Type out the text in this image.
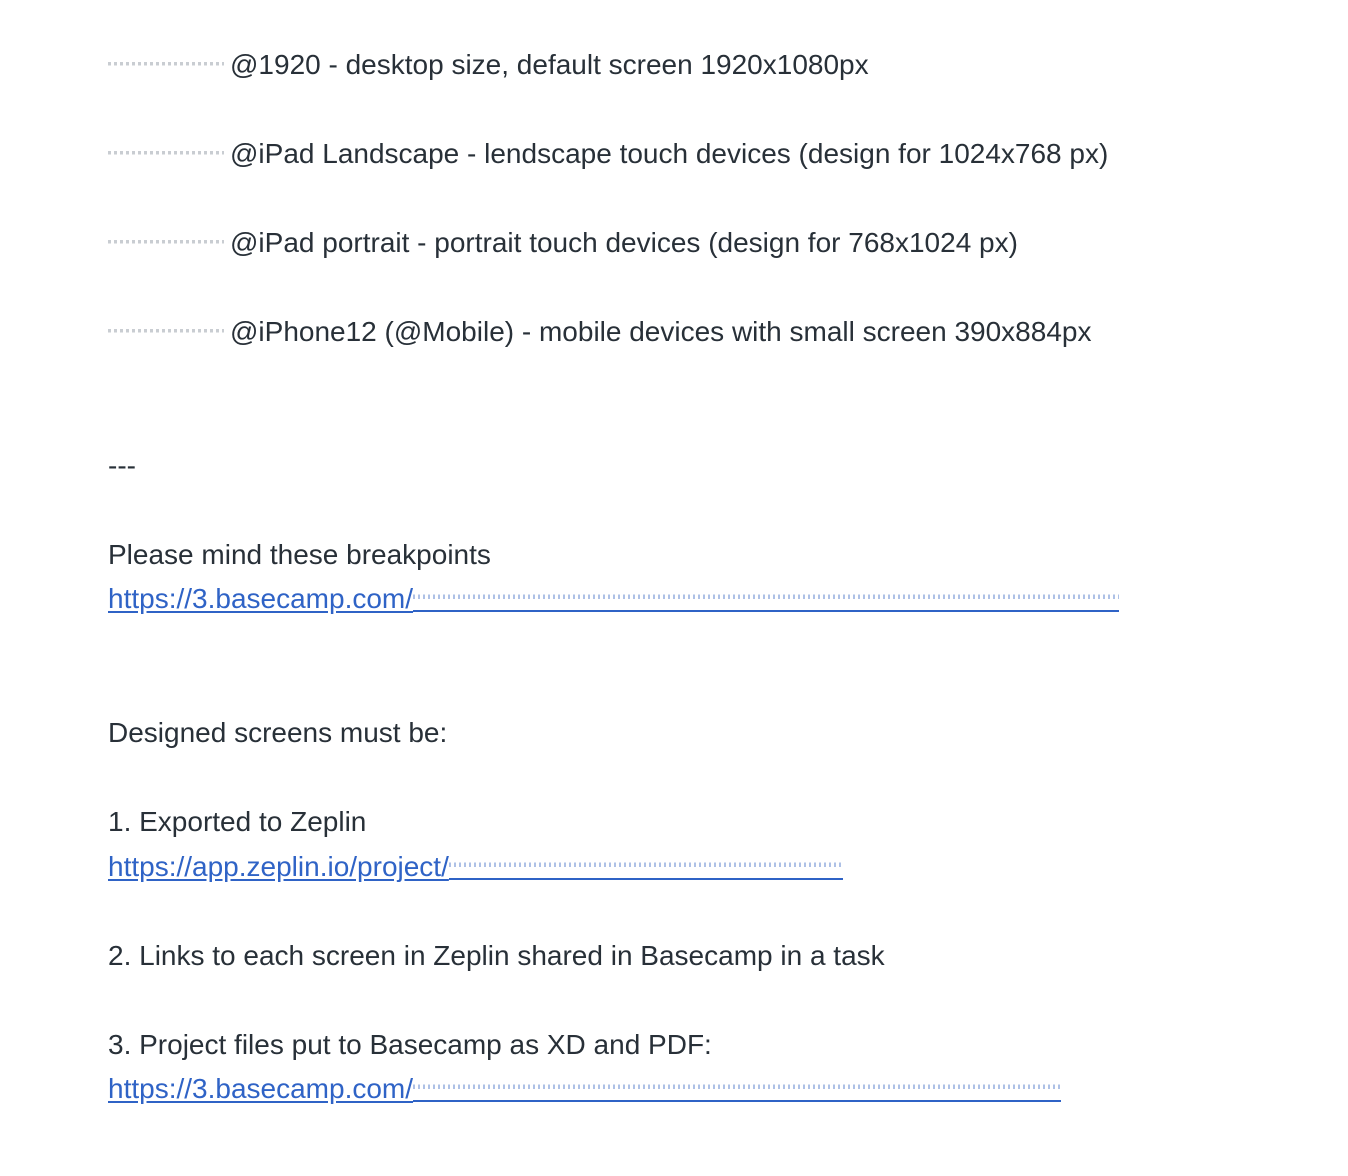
@1920 - desktop size, default screen 1920x1080px
@iPad Landscape - lendscape touch devices (design for 1024x768 px)
@iPad portrait - portrait touch devices (design for 768x1024 px)
@iPhone12 (@Mobile) - mobile devices with small screen 390x884px
---
Please mind these breakpoints
https://3.basecamp.com/
Designed screens must be:
1. Exported to Zeplin
https://app.zeplin.io/project/
2. Links to each screen in Zeplin shared in Basecamp in a task
3. Project files put to Basecamp as XD and PDF:
https://3.basecamp.com/
